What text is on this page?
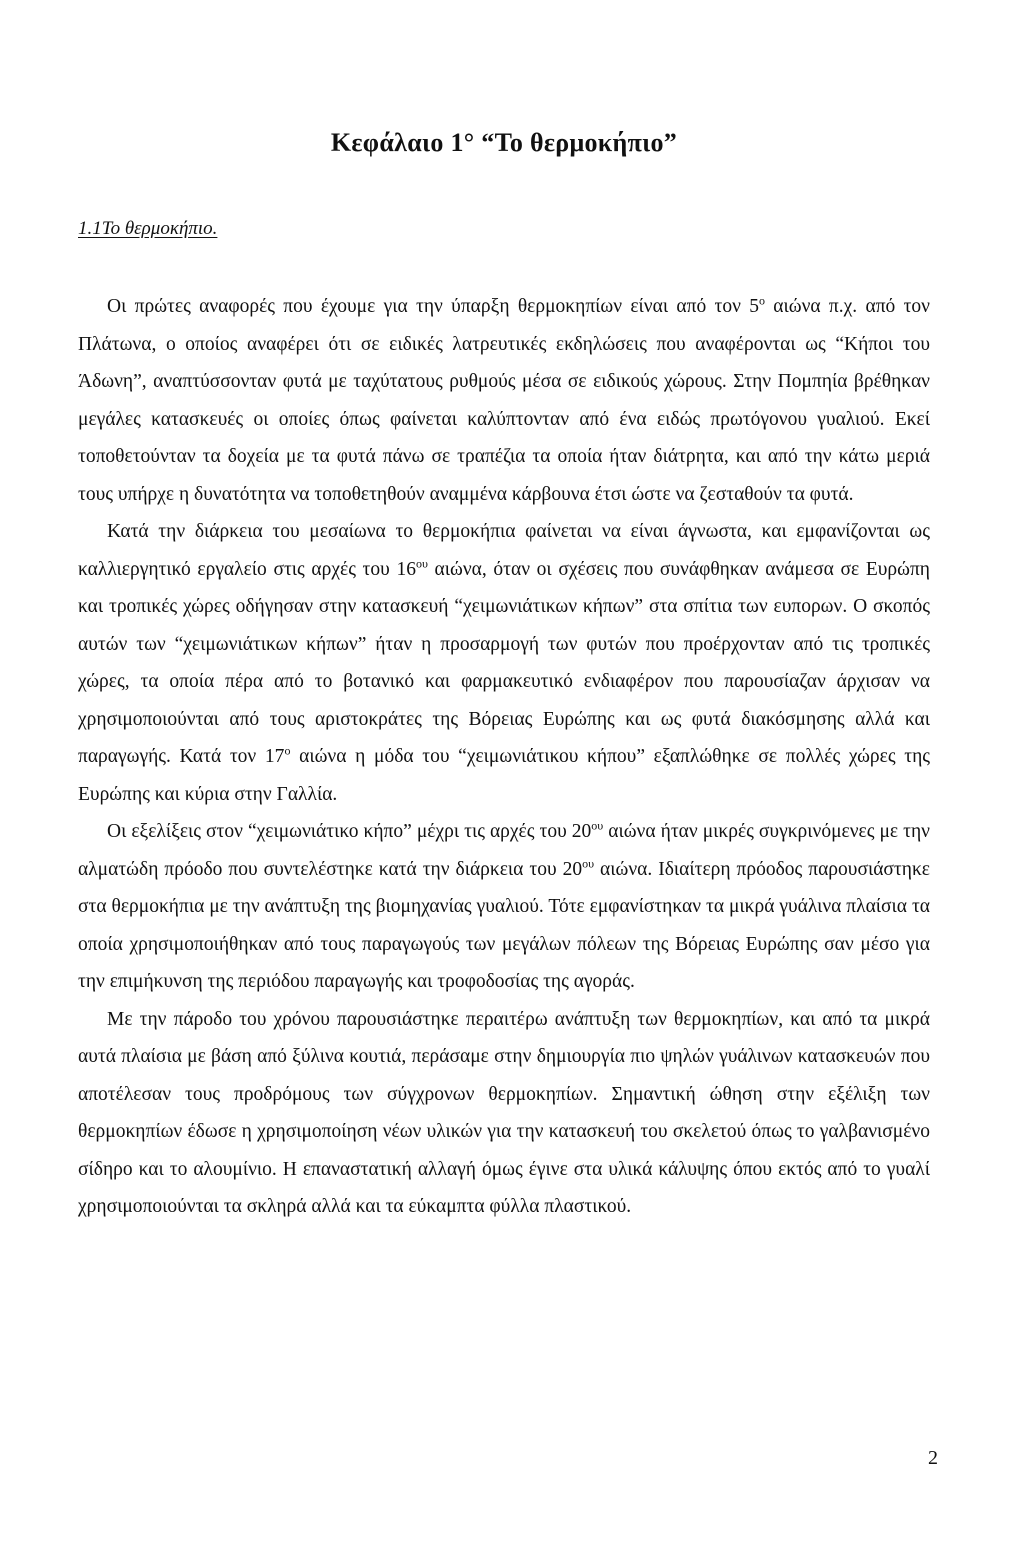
Κεφάλαιο 1° “Το θερμοκήπιο”
1.1Το θερμοκήπιο.

Οι πρώτες αναφορές που έχουμε για την ύπαρξη θερμοκηπίων είναι από τον $5^o$ αιώνα π.χ. από τον Πλάτωνα, ο οποίος αναφέρει ότι σε ειδικές λατρευτικές εκδηλώσεις που αναφέρονται ως “Κήποι του Άδωνη”, αναπτύσσονταν φυτά με ταχύτατους ρυθμούς μέσα σε ειδικούς χώρους. Στην Πομπηία βρέθηκαν μεγάλες κατασκευές οι οποίες όπως φαίνεται καλύπτονταν από ένα ειδώς πρωτόγονου γυαλιού. Εκεί τοποθετούνταν τα δοχεία με τα φυτά πάνω σε τραπέζια τα οποία ήταν διάτρητα, και από την κάτω μεριά τους υπήρχε η δυνατότητα να τοποθετηθούν αναμμένα κάρβουνα έτσι ώστε να ζεσταθούν τα φυτά.

Κατά την διάρκεια του μεσαίωνα το θερμοκήπια φαίνεται να είναι άγνωστα, και εμφανίζονται ως καλλιεργητικό εργαλείο στις αρχές του $16^{o\upsilon}$ αιώνα, όταν οι σχέσεις που συνάφθηκαν ανάμεσα σε Ευρώπη και τροπικές χώρες οδήγησαν στην κατασκευή “χειμωνιάτικων κήπων” στα σπίτια των ευπορων. Ο σκοπός αυτών των “χειμωνιάτικων κήπων” ήταν η προσαρμογή των φυτών που προέρχονταν από τις τροπικές χώρες, τα οποία πέρα από το βοτανικό και φαρμακευτικό ενδιαφέρον που παρουσίαζαν άρχισαν να χρησιμοποιούνται από τους αριστοκράτες της Βόρειας Ευρώπης και ως φυτά διακόσμησης αλλά και παραγωγής. Κατά τον $17^o$ αιώνα η μόδα του “χειμωνιάτικου κήπου” εξαπλώθηκε σε πολλές χώρες της Ευρώπης και κύρια στην Γαλλία.

Οι εξελίξεις στον “χειμωνιάτικο κήπο” μέχρι τις αρχές του $20^{o\upsilon}$ αιώνα ήταν μικρές συγκρινόμενες με την αλματώδη πρόοδο που συντελέστηκε κατά την διάρκεια του $20^{o\upsilon}$ αιώνα. Ιδιαίτερη πρόοδος παρουσιάστηκε στα θερμοκήπια με την ανάπτυξη της βιομηχανίας γυαλιού. Τότε εμφανίστηκαν τα μικρά γυάλινα πλαίσια τα οποία χρησιμοποιήθηκαν από τους παραγωγούς των μεγάλων πόλεων της Βόρειας Ευρώπης σαν μέσο για την επιμήκυνση της περιόδου παραγωγής και τροφοδοσίας της αγοράς.

Με την πάροδο του χρόνου παρουσιάστηκε περαιτέρω ανάπτυξη των θερμοκηπίων, και από τα μικρά αυτά πλαίσια με βάση από ξύλινα κουτιά, περάσαμε στην δημιουργία πιο ψηλών γυάλινων κατασκευών που αποτέλεσαν τους προδρόμους των σύγχρονων θερμοκηπίων. Σημαντική ώθηση στην εξέλιξη των θερμοκηπίων έδωσε η χρησιμοποίηση νέων υλικών για την κατασκευή του σκελετού όπως το γαλβανισμένο σίδηρο και το αλουμίνιο. Η επαναστατική αλλαγή όμως έγινε στα υλικά κάλυψης όπου εκτός από το γυαλί χρησιμοποιούνται τα σκληρά αλλά και τα εύκαμπτα φύλλα πλαστικού.

2
